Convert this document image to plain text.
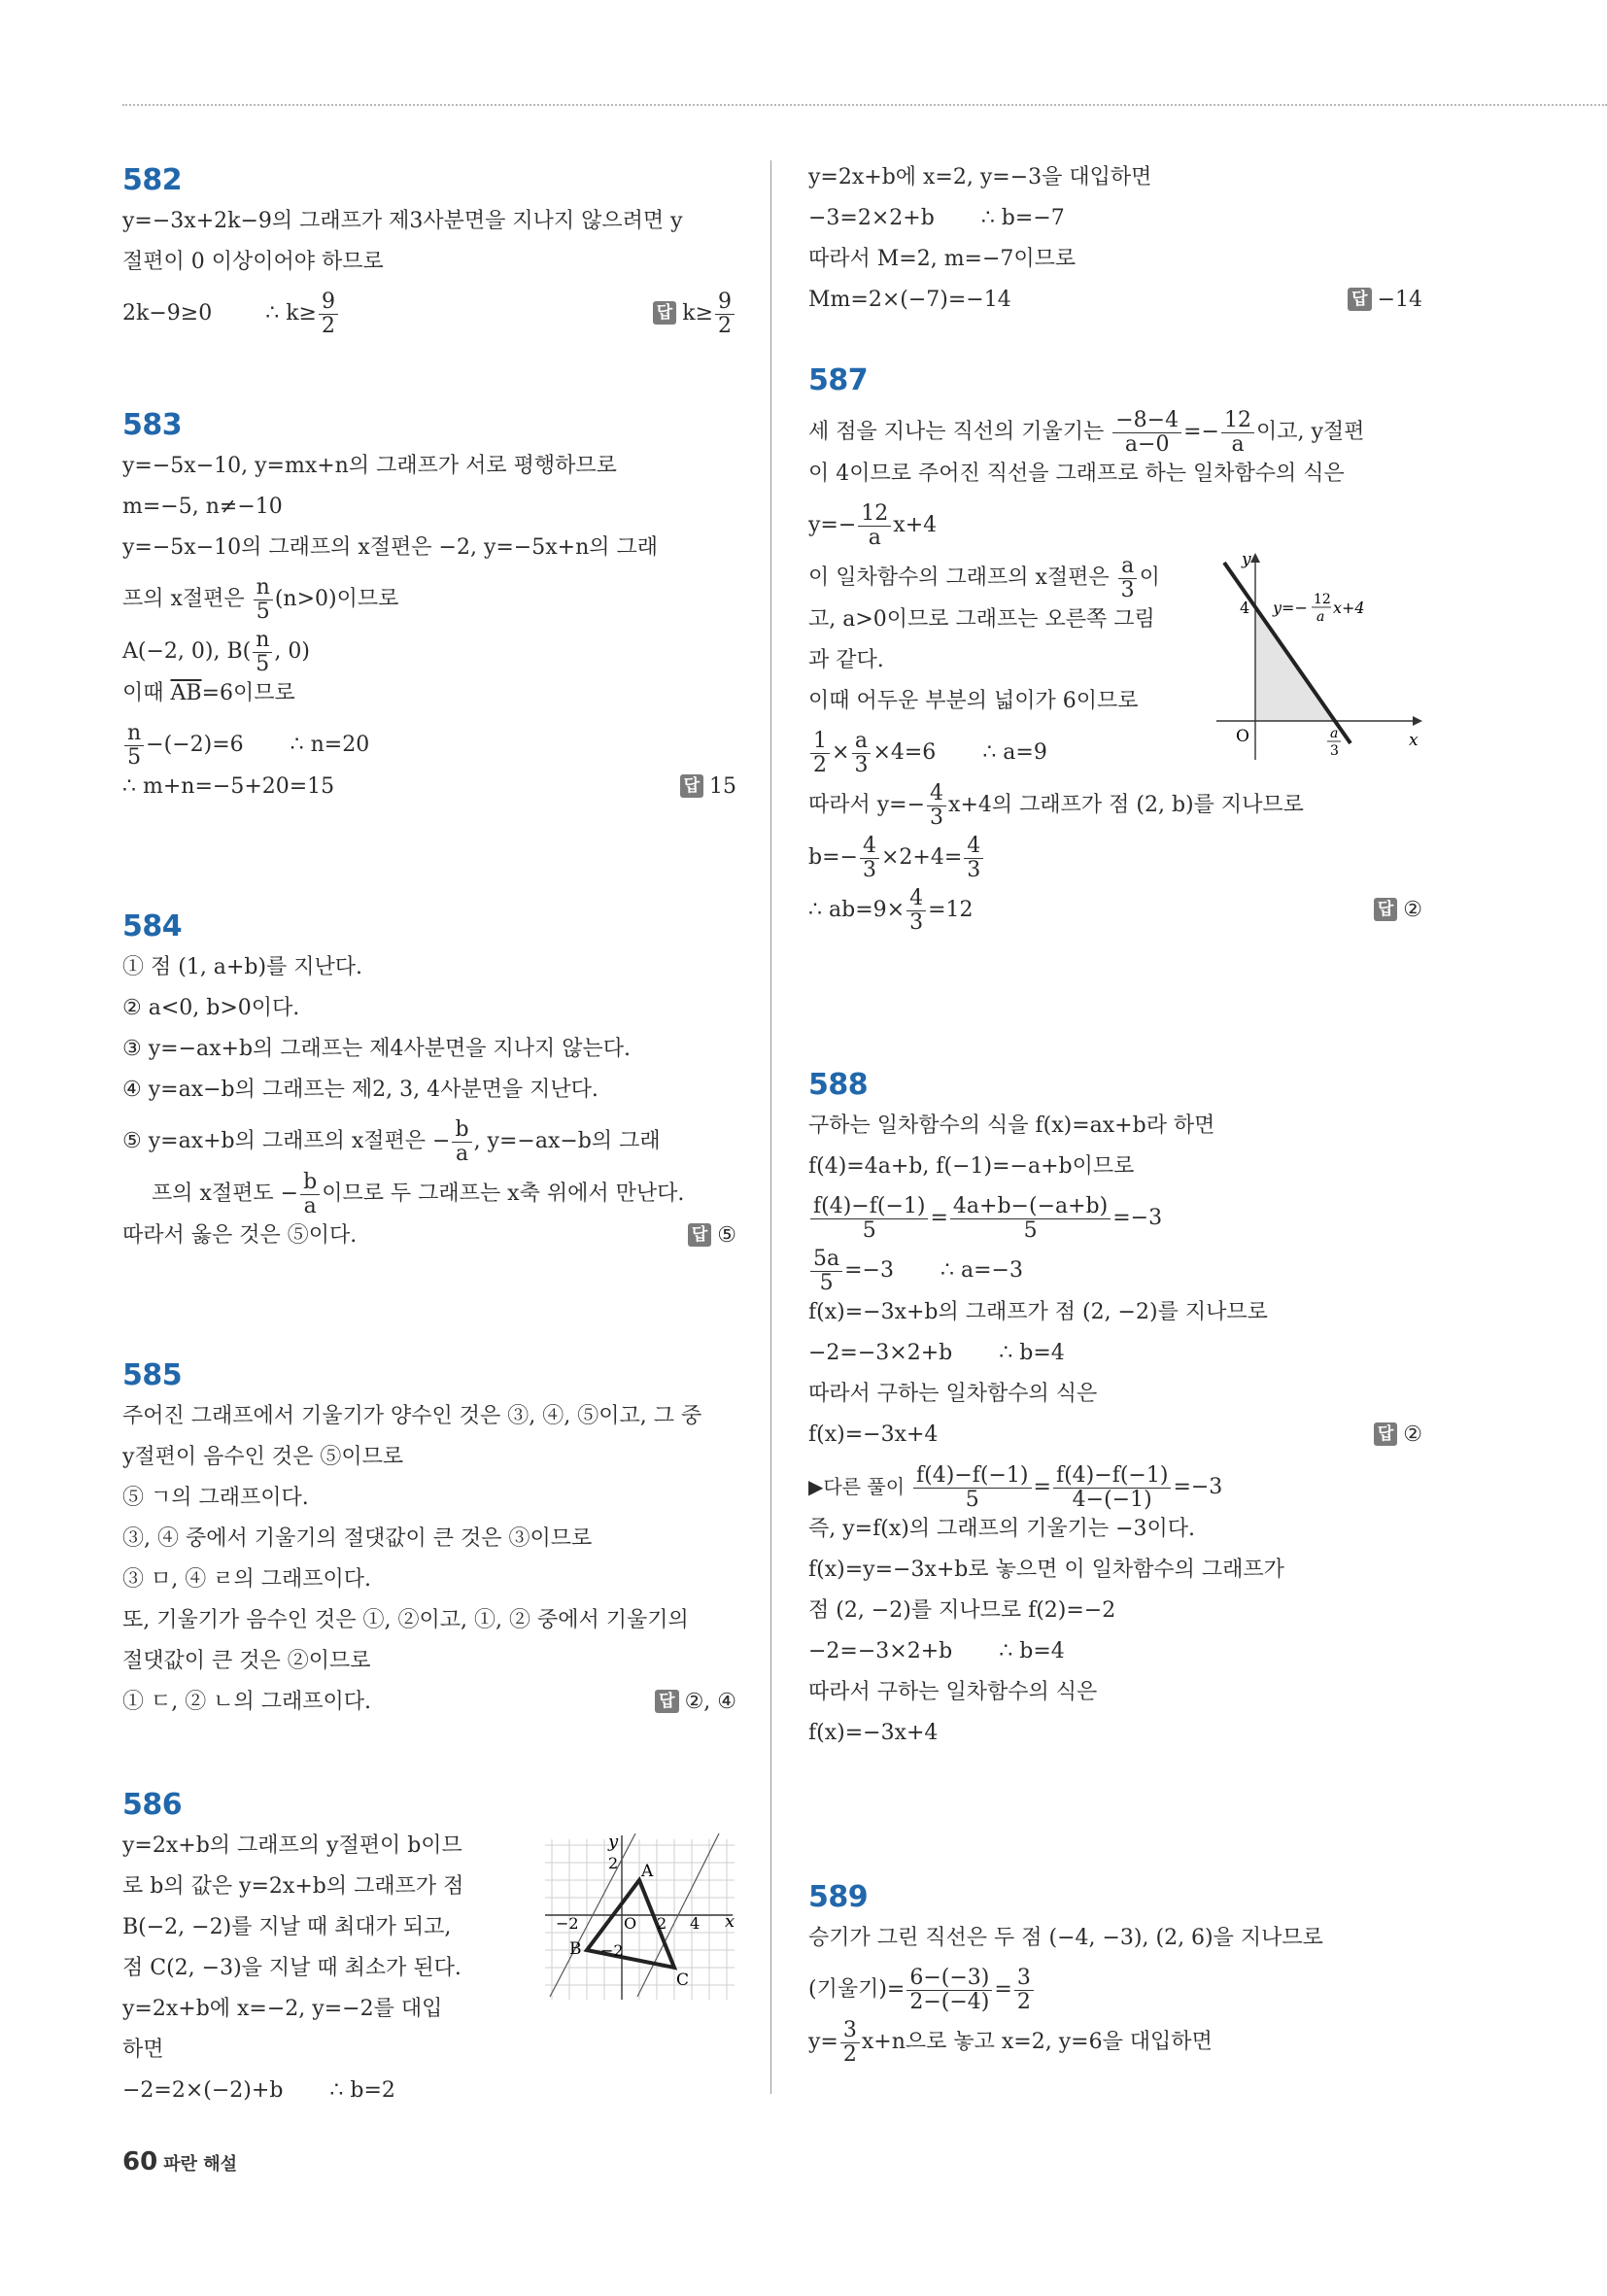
582
y=−3x+2k−9의 그래프가 제3사분면을 지나지 않으려면 y
절편이 0 이상이어야 하므로
2k−9≥0	∴ $k\ge \frac{9}{2}$	답 $k\ge \frac{9}{2}$
583
y=−5x−10, y=mx+n의 그래프가 서로 평행하므로
m=−5, n≠−10
y=−5x−10의 그래프의 x절편은 −2, y=−5x+n의 그래
프의 x절편은 $\frac{n}{5} (n>0)$이므로
A(−2, 0), $B( \frac{n}{5}$ , 0)
이때 $\overline{AB}=6$이므로
$\frac{n}{5} -(-2)=6$ ∴ n=20
∴ m+n=−5+20=15	답 15
584
① 점 (1, a+b)를 지난다.
② a<0, b>0이다.
③ y=−ax+b의 그래프는 제4사분면을 지나지 않는다.
④ y=ax−b의 그래프는 제2, 3, 4사분면을 지난다.
⑤ y=ax+b의 그래프의 x절편은 − $\frac{b}{a}$ , y=−ax−b의 그래
프의 x절편도 − $\frac{b}{a}$ 이므로 두 그래프는 x축 위에서 만난다.
따라서 옳은 것은 ⑤이다.	답 ⑤
585
주어진 그래프에서 기울기가 양수인 것은 ③, ④, ⑤이고, 그 중
y절편이 음수인 것은 ⑤이므로
⑤ ㄱ의 그래프이다.
③, ④ 중에서 기울기의 절댓값이 큰 것은 ③이므로
③ ㅁ, ④ ㄹ의 그래프이다.
또, 기울기가 음수인 것은 ①, ②이고, ①, ② 중에서 기울기의
절댓값이 큰 것은 ②이므로
① ㄷ, ② ㄴ의 그래프이다.	답 ②, ④
586
y=2x+b의 그래프의 y절편이 b이므
로 b의 값은 y=2x+b의 그래프가 점
B(−2, −2)를 지날 때 최대가 되고,
점 C(2, −3)을 지날 때 최소가 된다.
y=2x+b에 x=−2, y=−2를 대입
하면
−2=2×(−2)+b ∴ b=2
y
x
2
−2	O 2 4
−2
A
B
C
y=2x+b에 x=2, y=−3을 대입하면
−3=2×2+b ∴ b=−7
따라서 M=2, m=−7이므로
Mm=2×(−7)=−14	답 −14
587
세 점을 지나는 직선의 기울기는 $\frac{-8-4}{a-0} =- \frac{12}{a}$ 이고, y절편
이 4이므로 주어진 직선을 그래프로 하는 일차함수의 식은
$y=- \frac{12}{a} x+4$
이 일차함수의 그래프의 x절편은 $\frac{a}{3}$ 이
고, a>0이므로 그래프는 오른쪽 그림
과 같다.
이때 어두운 부분의 넓이가 6이므로
$\frac{1}{2} \times \frac{a}{3} \times 4=6$ ∴ a=9
y
x
4
O
y=− 12
a x+4
a
3
따라서 $y=- \frac{4}{3} x+4$의 그래프가 점 (2, b)를 지나므로
$b=- \frac{4}{3} \times 2+4= \frac{4}{3}$
∴ $ab=9\times \frac{4}{3} =12$	답 ②
588
구하는 일차함수의 식을 f(x)=ax+b라 하면
f(4)=4a+b, f(−1)=−a+b이므로
$\frac{f(4)-f(-1)}{5} = \frac{4a+b-(-a+b)}{5} =-3$
$\frac{5a}{5} =-3$ ∴ a=−3
f(x)=−3x+b의 그래프가 점 (2, −2)를 지나므로
−2=−3×2+b ∴ b=4
따라서 구하는 일차함수의 식은
f(x)=−3x+4	답 ②
▶다른 풀이 $\frac{f(4)-f(-1)}{5} = \frac{f(4)-f(-1)}{4-(-1)} =-3$
즉, y=f(x)의 그래프의 기울기는 −3이다.
f(x)=y=−3x+b로 놓으면 이 일차함수의 그래프가
점 (2, −2)를 지나므로 f(2)=−2
−2=−3×2+b ∴ b=4
따라서 구하는 일차함수의 식은
f(x)=−3x+4
589
승기가 그린 직선은 두 점 (−4, −3), (2, 6)을 지나므로
(기울기)= $\frac{6-(-3)}{2-(-4)} = \frac{3}{2}$
$y= \frac{3}{2} x+n$으로 놓고 x=2, y=6을 대입하면
60 파란 해설
